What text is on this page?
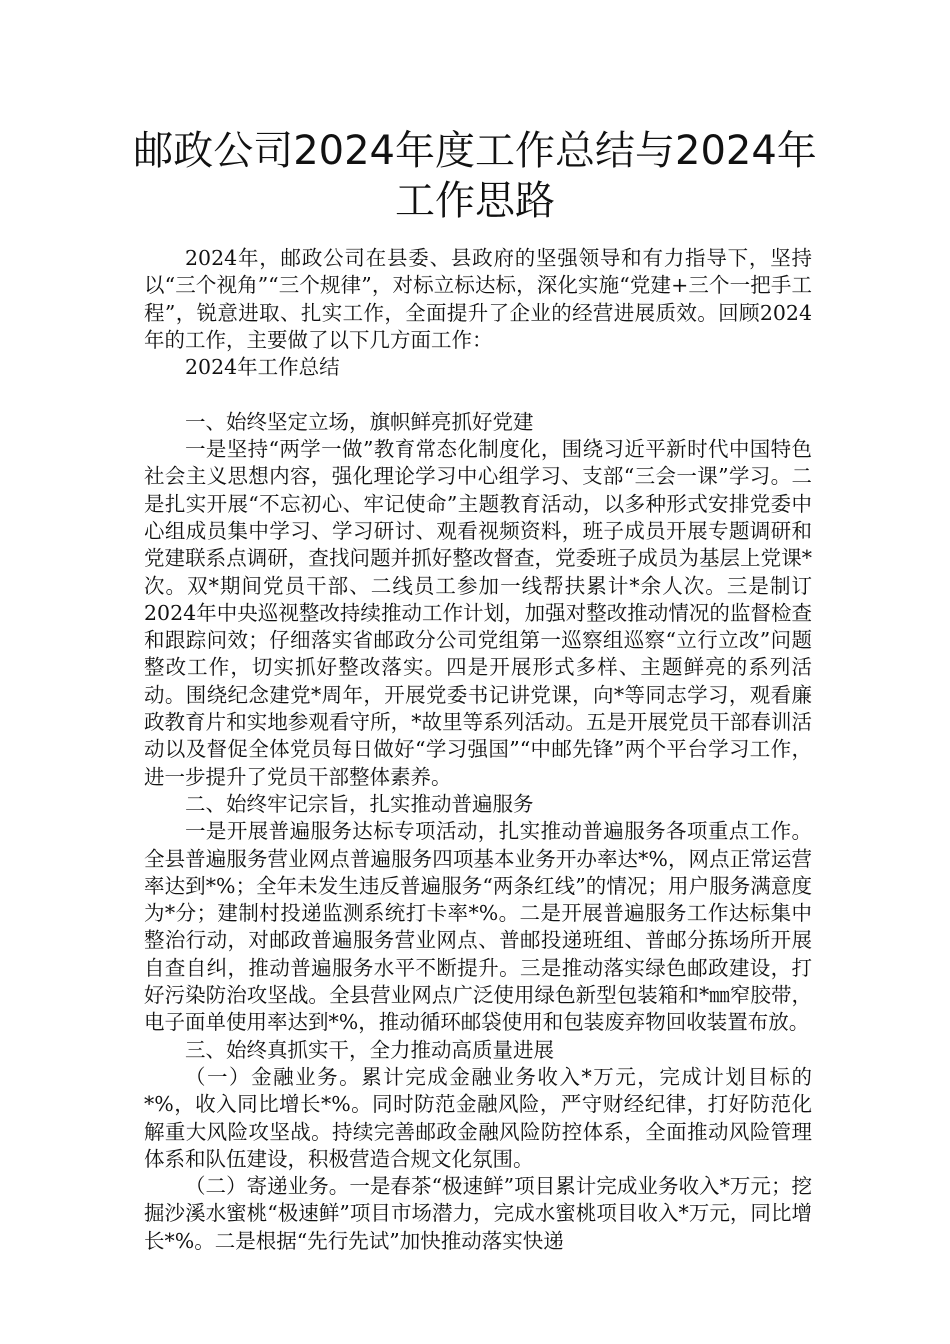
邮政公司2024年度工作总结与2024年工作思路

2024年，邮政公司在县委、县政府的坚强领导和有力指导下，坚持以“三个视角”“三个规律”，对标立标达标，深化实施“党建+三个一把手工程”，锐意进取、扎实工作，全面提升了企业的经营进展质效。回顾2024年的工作，主要做了以下几方面工作：

2024年工作总结

一、始终坚定立场，旗帜鲜亮抓好党建

一是坚持“两学一做”教育常态化制度化，围绕习近平新时代中国特色社会主义思想内容，强化理论学习中心组学习、支部“三会一课”学习。二是扎实开展“不忘初心、牢记使命”主题教育活动，以多种形式安排党委中心组成员集中学习、学习研讨、观看视频资料，班子成员开展专题调研和党建联系点调研，查找问题并抓好整改督查，党委班子成员为基层上党课*次。双*期间党员干部、二线员工参加一线帮扶累计*余人次。三是制订2024年中央巡视整改持续推动工作计划，加强对整改推动情况的监督检查和跟踪问效；仔细落实省邮政分公司党组第一巡察组巡察“立行立改”问题整改工作，切实抓好整改落实。四是开展形式多样、主题鲜亮的系列活动。围绕纪念建党*周年，开展党委书记讲党课，向*等同志学习，观看廉政教育片和实地参观看守所，*故里等系列活动。五是开展党员干部春训活动以及督促全体党员每日做好“学习强国”“中邮先锋”两个平台学习工作，进一步提升了党员干部整体素养。

二、始终牢记宗旨，扎实推动普遍服务

一是开展普遍服务达标专项活动，扎实推动普遍服务各项重点工作。全县普遍服务营业网点普遍服务四项基本业务开办率达*%，网点正常运营率达到*%；全年未发生违反普遍服务“两条红线”的情况；用户服务满意度为*分；建制村投递监测系统打卡率*%。二是开展普遍服务工作达标集中整治行动，对邮政普遍服务营业网点、普邮投递班组、普邮分拣场所开展自查自纠，推动普遍服务水平不断提升。三是推动落实绿色邮政建设，打好污染防治攻坚战。全县营业网点广泛使用绿色新型包装箱和*㎜窄胶带，电子面单使用率达到*%，推动循环邮袋使用和包装废弃物回收装置布放。

三、始终真抓实干，全力推动高质量进展

（一）金融业务。累计完成金融业务收入*万元，完成计划目标的*%，收入同比增长*%。同时防范金融风险，严守财经纪律，打好防范化解重大风险攻坚战。持续完善邮政金融风险防控体系，全面推动风险管理体系和队伍建设，积极营造合规文化氛围。

（二）寄递业务。一是春茶“极速鲜”项目累计完成业务收入*万元；挖掘沙溪水蜜桃“极速鲜”项目市场潜力，完成水蜜桃项目收入*万元，同比增长*%。二是根据“先行先试”加快推动落实快递
